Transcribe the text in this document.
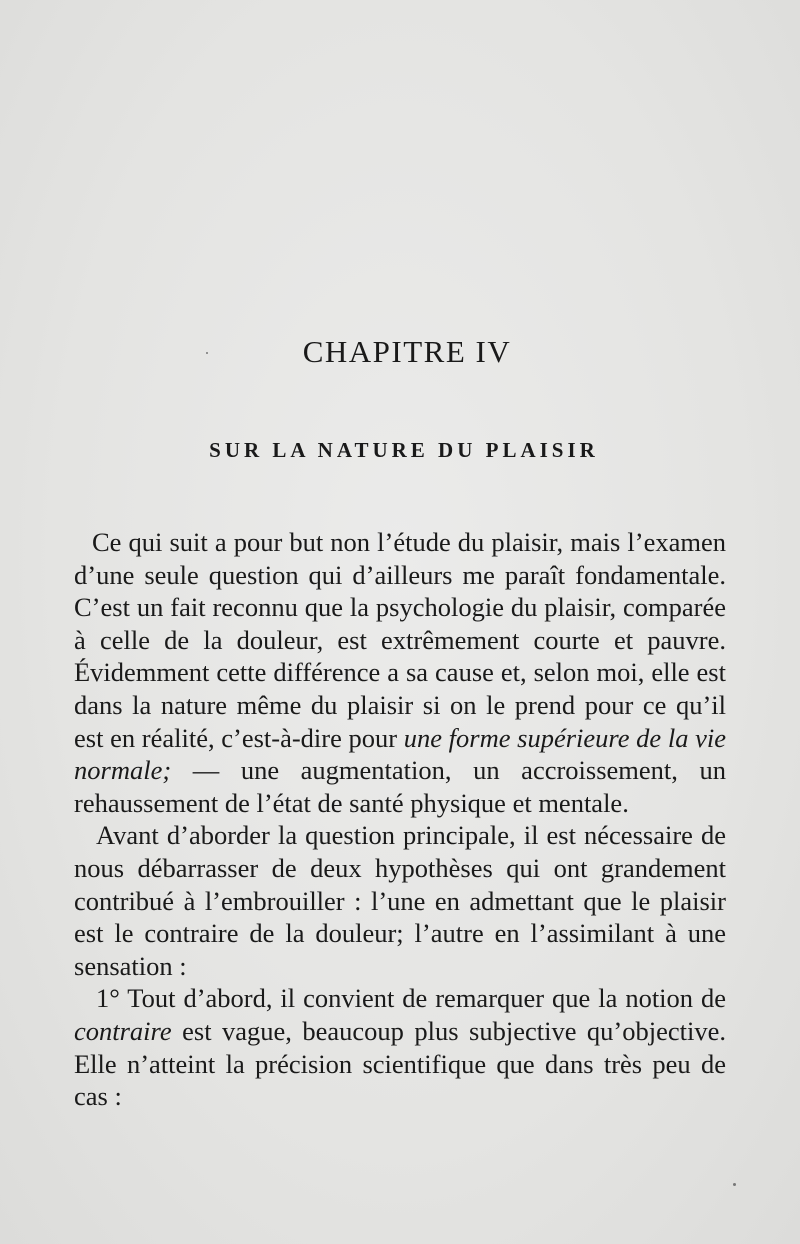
CHAPITRE IV
SUR LA NATURE DU PLAISIR

Ce qui suit a pour but non l’étude du plaisir, mais l’examen d’une seule question qui d’ailleurs me paraît fondamentale. C’est un fait reconnu que la psychologie du plaisir, comparée à celle de la douleur, est extrêmement courte et pauvre. Évidemment cette différence a sa cause et, selon moi, elle est dans la nature même du plaisir si on le prend pour ce qu’il est en réalité, c’est-à-dire pour une forme supérieure de la vie normale; — une augmentation, un accroissement, un rehaussement de l’état de santé physique et mentale.

Avant d’aborder la question principale, il est nécessaire de nous débarrasser de deux hypothèses qui ont grandement contribué à l’embrouiller : l’une en admettant que le plaisir est le contraire de la douleur; l’autre en l’assimilant à une sensation :

1° Tout d’abord, il convient de remarquer que la notion de contraire est vague, beaucoup plus subjective qu’objective. Elle n’atteint la précision scientifique que dans très peu de cas :
